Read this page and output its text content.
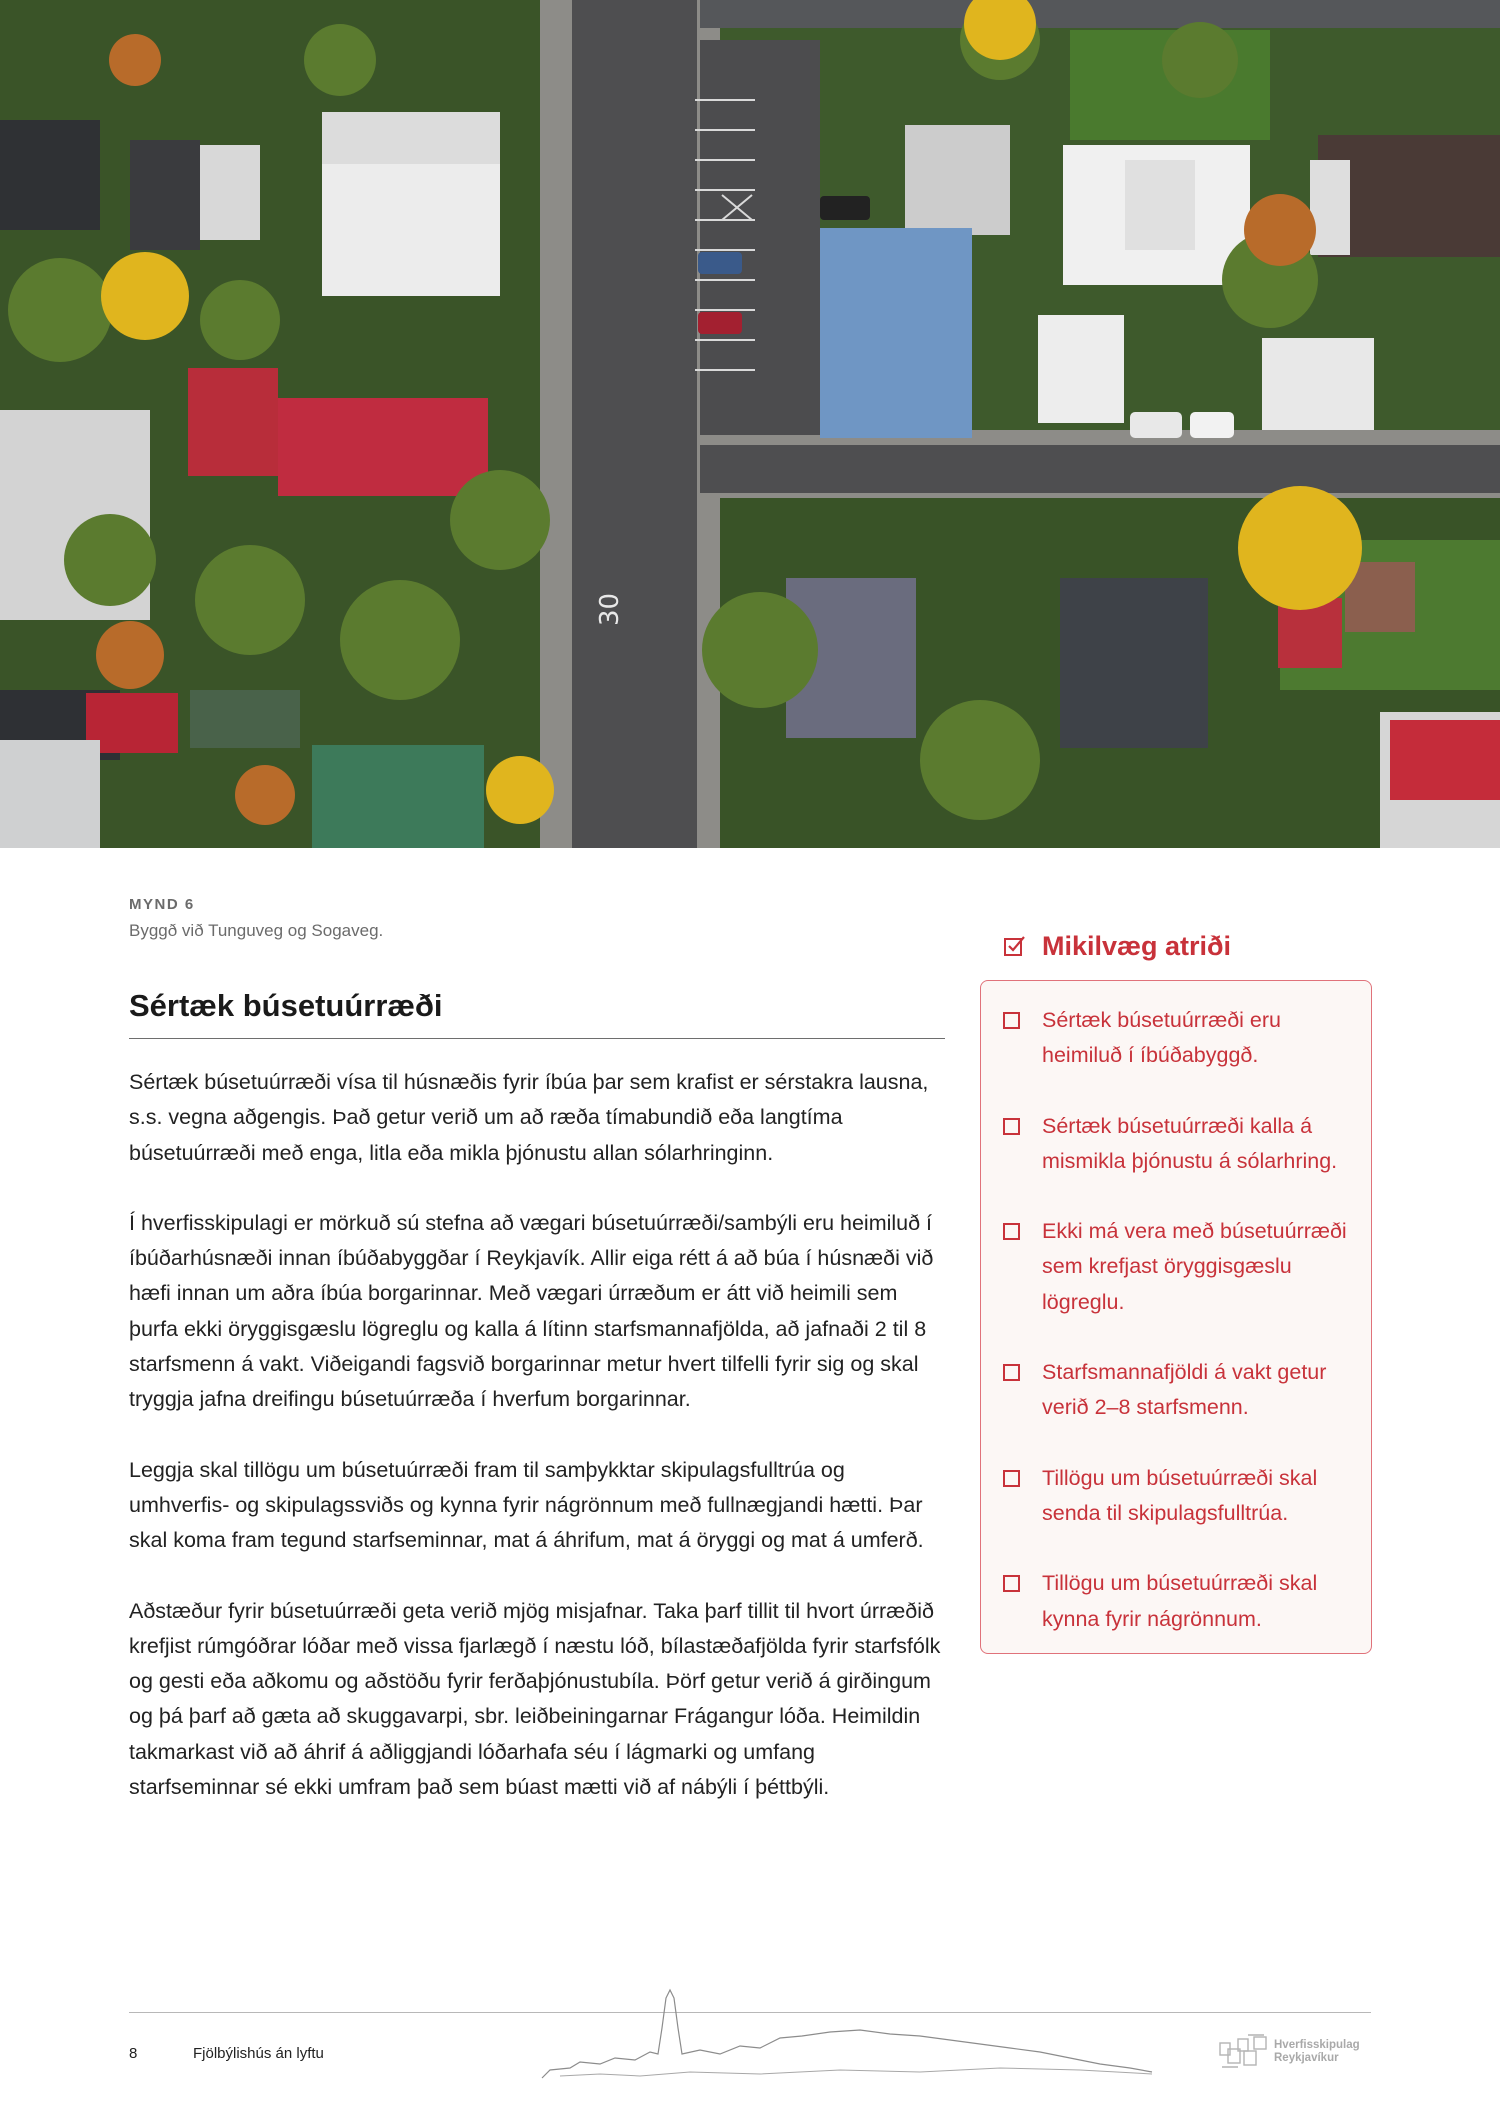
30
MYND 6
Byggð við Tunguveg og Sogaveg.
Sértæk búsetuúrræði

Sértæk búsetuúrræði vísa til húsnæðis fyrir íbúa þar sem krafist er sérstakra lausna, s.s. vegna aðgengis. Það getur verið um að ræða tímabundið eða langtíma búsetuúrræði með enga, litla eða mikla þjónustu allan sólarhringinn.

Í hverfisskipulagi er mörkuð sú stefna að vægari búsetuúrræði/sambýli eru heimiluð í íbúðarhúsnæði innan íbúðabyggðar í Reykjavík. Allir eiga rétt á að búa í húsnæði við hæfi innan um aðra íbúa borgarinnar. Með vægari úrræðum er átt við heimili sem þurfa ekki öryggisgæslu lögreglu og kalla á lítinn starfsmannafjölda, að jafnaði 2 til 8 starfsmenn á vakt. Viðeigandi fagsvið borgarinnar metur hvert tilfelli fyrir sig og skal tryggja jafna dreifingu búsetuúrræða í hverfum borgarinnar.

Leggja skal tillögu um búsetuúrræði fram til samþykktar skipulagsfulltrúa og umhverfis- og skipulagssviðs og kynna fyrir nágrönnum með fullnægjandi hætti. Þar skal koma fram tegund starfseminnar, mat á áhrifum, mat á öryggi og mat á umferð.

Aðstæður fyrir búsetuúrræði geta verið mjög misjafnar. Taka þarf tillit til hvort úrræðið krefjist rúmgóðrar lóðar með vissa fjarlægð í næstu lóð, bílastæðafjölda fyrir starfsfólk og gesti eða aðkomu og aðstöðu fyrir ferðaþjónustubíla. Þörf getur verið á girðingum og þá þarf að gæta að skuggavarpi, sbr. leiðbeiningarnar Frágangur lóða. Heimildin takmarkast við að áhrif á aðliggjandi lóðarhafa séu í lágmarki og umfang starfseminnar sé ekki umfram það sem búast mætti við af nábýli í þéttbýli.

Mikilvæg atriði
Sértæk búsetuúrræði eru heimiluð í íbúðabyggð.
Sértæk búsetuúrræði kalla á mismikla þjónustu á sólarhring.
Ekki má vera með búsetuúrræði sem krefjast öryggisgæslu lögreglu.
Starfsmannafjöldi á vakt getur verið 2–8 starfsmenn.
Tillögu um búsetuúrræði skal senda til skipulagsfulltrúa.
Tillögu um búsetuúrræði skal kynna fyrir nágrönnum.
8	Fjölbýlishús án lyftu	Hverfisskipulag
Reykjavíkur
